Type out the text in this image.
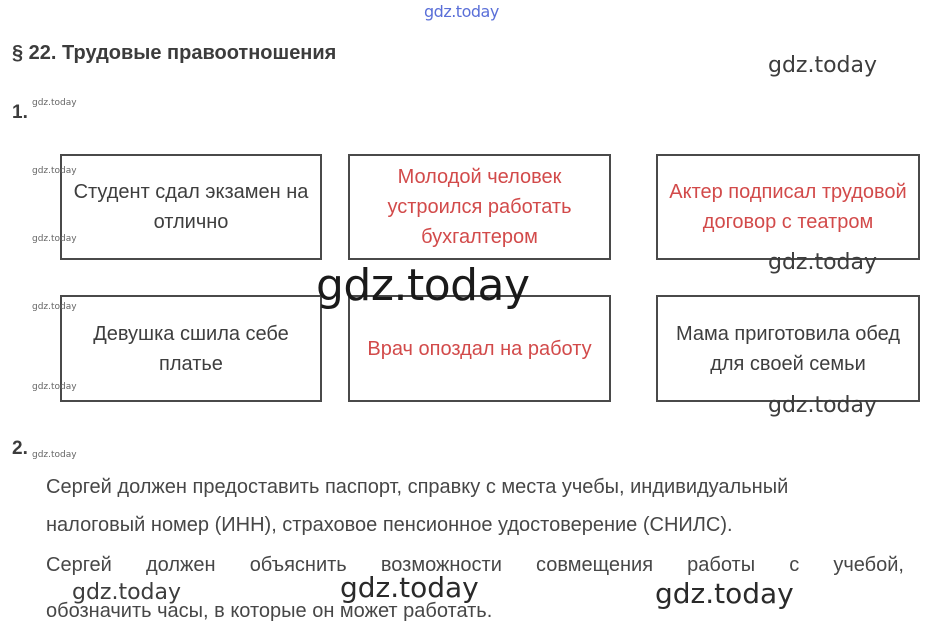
gdz.today
§ 22. Трудовые правоотношения	gdz.today
1. gdz.today
Студент сдал экзамен на отлично
Молодой человек устроился работать бухгалтером
Актер подписал трудовой договор с театром
Девушка сшила себе платье
Врач опоздал на работу
Мама приготовила обед для своей семьи
gdz.today
gdz.today
gdz.today
gdz.today
gdz.today
gdz.today
gdz.today
2. gdz.today
Сергей должен предоставить паспорт, справку с места учебы, индивидуальный
налоговый номер (ИНН), страховое пенсионное удостоверение (СНИЛС).
Сергей должен объяснить возможности совмещения работы с учебой,
обозначить часы, в которые он может работать.
gdz.today	gdz.today	gdz.today
